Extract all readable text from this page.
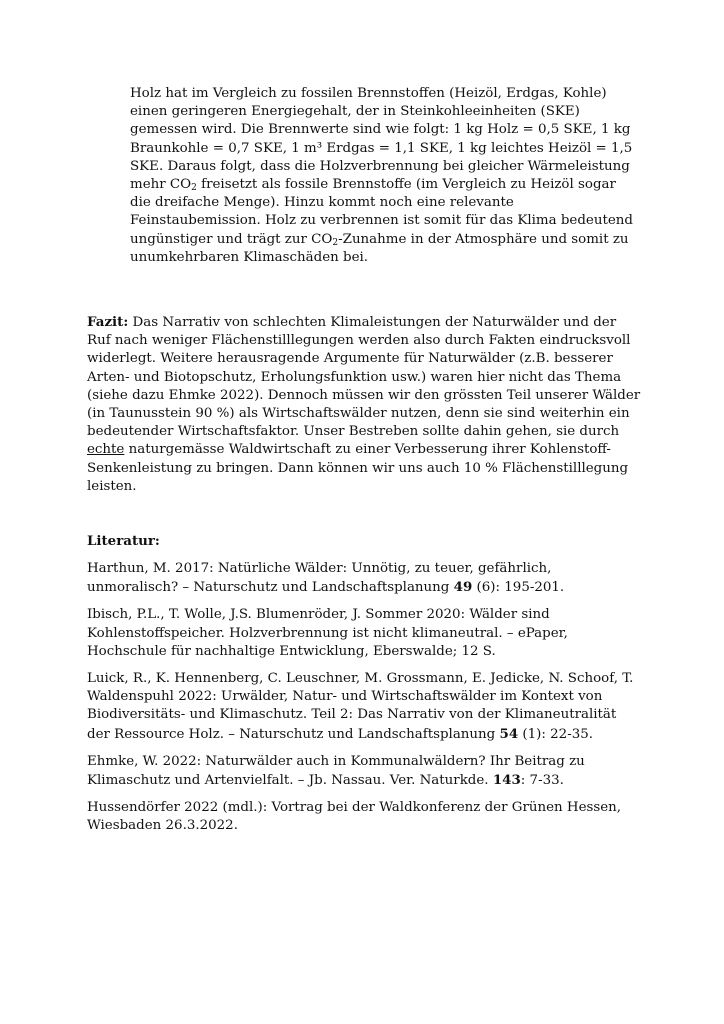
Holz hat im Vergleich zu fossilen Brennstoffen (Heizöl, Erdgas, Kohle) einen geringeren Energiegehalt, der in Steinkohleeinheiten (SKE) gemessen wird. Die Brennwerte sind wie folgt: 1 kg Holz = 0,5 SKE, 1 kg Braunkohle = 0,7 SKE, 1 m³ Erdgas = 1,1 SKE, 1 kg leichtes Heizöl = 1,5 SKE. Daraus folgt, dass die Holzverbrennung bei gleicher Wärmeleistung mehr $CO_2$ freisetzt als fossile Brennstoffe (im Vergleich zu Heizöl sogar die dreifache Menge). Hinzu kommt noch eine relevante Feinstaubemission. Holz zu verbrennen ist somit für das Klima bedeutend ungünstiger und trägt zur $CO_2$-Zunahme in der Atmosphäre und somit zu unumkehrbaren Klimaschäden bei.

Fazit: Das Narrativ von schlechten Klimaleistungen der Naturwälder und der Ruf nach weniger Flächenstilllegungen werden also durch Fakten eindrucksvoll widerlegt. Weitere herausragende Argumente für Naturwälder (z.B. besserer Arten- und Biotopschutz, Erholungsfunktion usw.) waren hier nicht das Thema (siehe dazu Ehmke 2022). Dennoch müssen wir den grössten Teil unserer Wälder (in Taunusstein 90 %) als Wirtschaftswälder nutzen, denn sie sind weiterhin ein bedeutender Wirtschaftsfaktor. Unser Bestreben sollte dahin gehen, sie durch echte naturgemässe Waldwirtschaft zu einer Verbesserung ihrer Kohlenstoff-Senkenleistung zu bringen. Dann können wir uns auch 10 % Flächenstilllegung leisten.

Literatur:

Harthun, M. 2017: Natürliche Wälder: Unnötig, zu teuer, gefährlich, unmoralisch? – Naturschutz und Landschaftsplanung 49 (6): 195-201.

Ibisch, P.L., T. Wolle, J.S. Blumenröder, J. Sommer 2020: Wälder sind Kohlenstoffspeicher. Holzverbrennung ist nicht klimaneutral. – ePaper, Hochschule für nachhaltige Entwicklung, Eberswalde; 12 S.

Luick, R., K. Hennenberg, C. Leuschner, M. Grossmann, E. Jedicke, N. Schoof, T. Waldenspuhl 2022: Urwälder, Natur- und Wirtschaftswälder im Kontext von Biodiversitäts- und Klimaschutz. Teil 2: Das Narrativ von der Klimaneutralität der Ressource Holz. – Naturschutz und Landschaftsplanung 54 (1): 22-35.

Ehmke, W. 2022: Naturwälder auch in Kommunalwäldern? Ihr Beitrag zu Klimaschutz und Artenvielfalt. – Jb. Nassau. Ver. Naturkde. 143: 7-33.

Hussendörfer 2022 (mdl.): Vortrag bei der Waldkonferenz der Grünen Hessen, Wiesbaden 26.3.2022.
